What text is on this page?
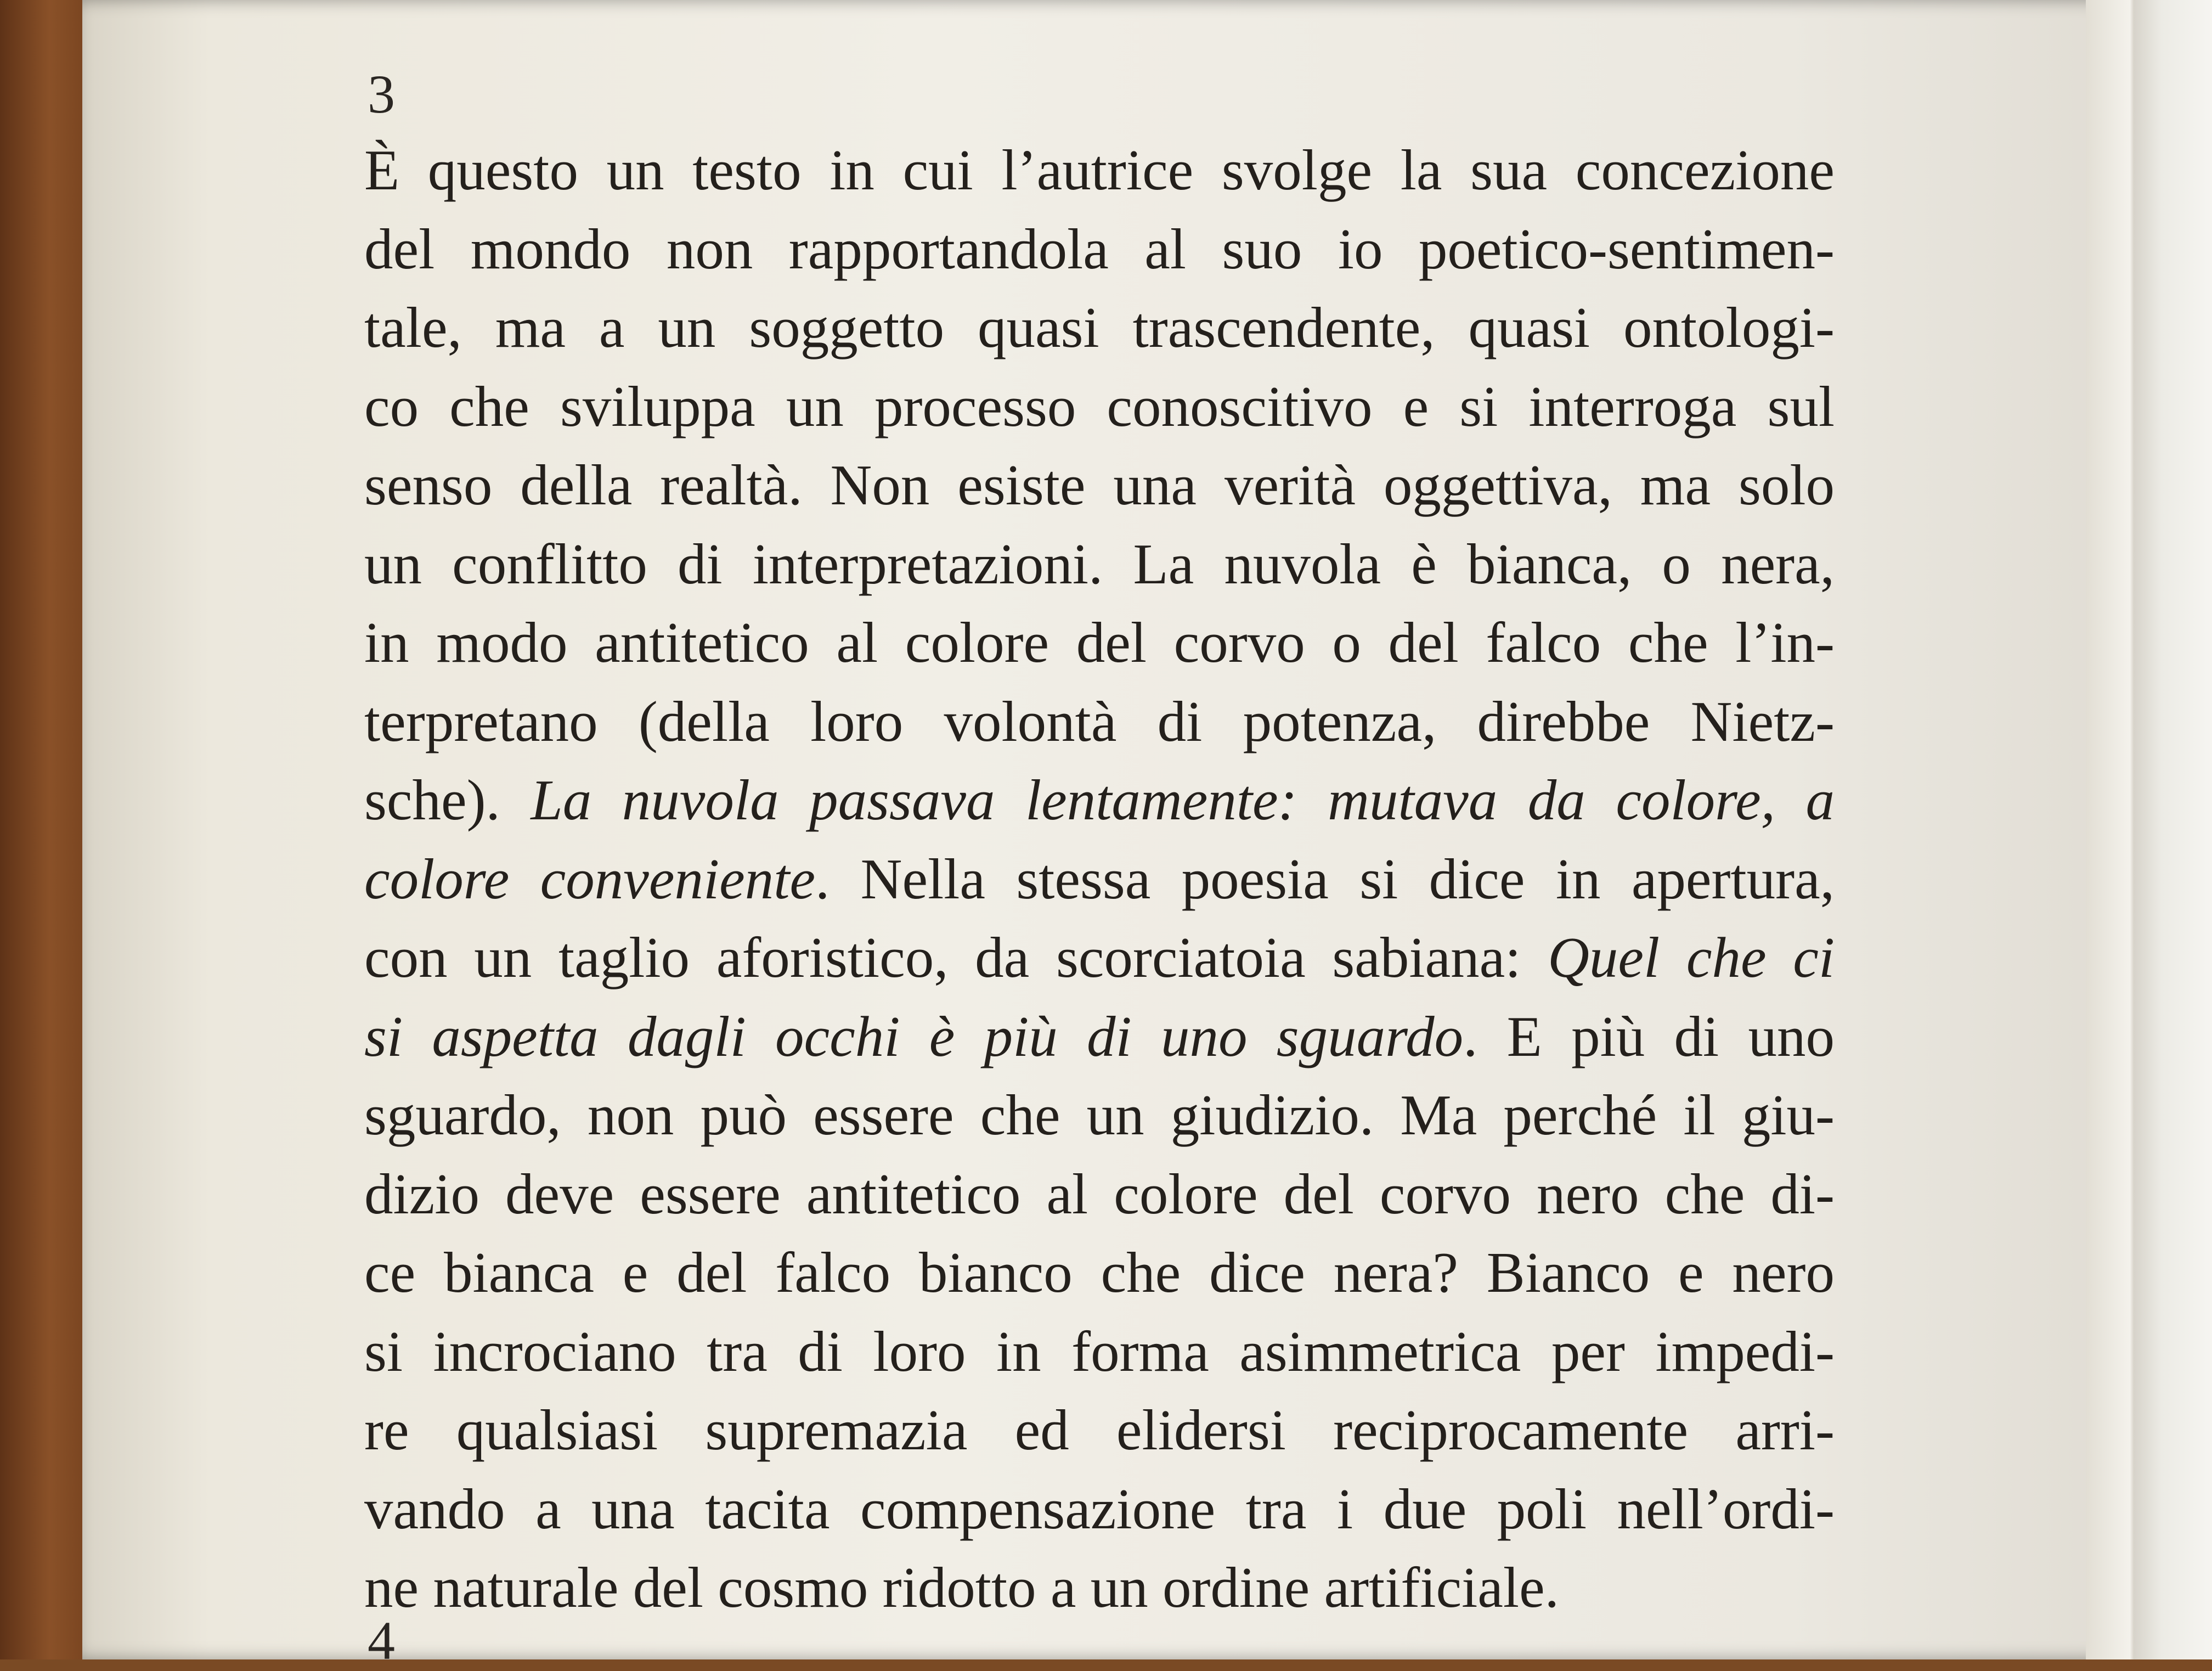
3
È questo un testo in cui l’autrice svolge la sua concezione
del mondo non rapportandola al suo io poetico-sentimen-
tale, ma a un soggetto quasi trascendente, quasi ontologi-
co che sviluppa un processo conoscitivo e si interroga sul
senso della realtà. Non esiste una verità oggettiva, ma solo
un conflitto di interpretazioni. La nuvola è bianca, o nera,
in modo antitetico al colore del corvo o del falco che l’in-
terpretano (della loro volontà di potenza, direbbe Nietz-
sche). La nuvola passava lentamente: mutava da colore, a
colore conveniente. Nella stessa poesia si dice in apertura,
con un taglio aforistico, da scorciatoia sabiana: Quel che ci
si aspetta dagli occhi è più di uno sguardo. E più di uno
sguardo, non può essere che un giudizio. Ma perché il giu-
dizio deve essere antitetico al colore del corvo nero che di-
ce bianca e del falco bianco che dice nera? Bianco e nero
si incrociano tra di loro in forma asimmetrica per impedi-
re qualsiasi supremazia ed elidersi reciprocamente arri-
vando a una tacita compensazione tra i due poli nell’ordi-
ne naturale del cosmo ridotto a un ordine artificiale.
4
